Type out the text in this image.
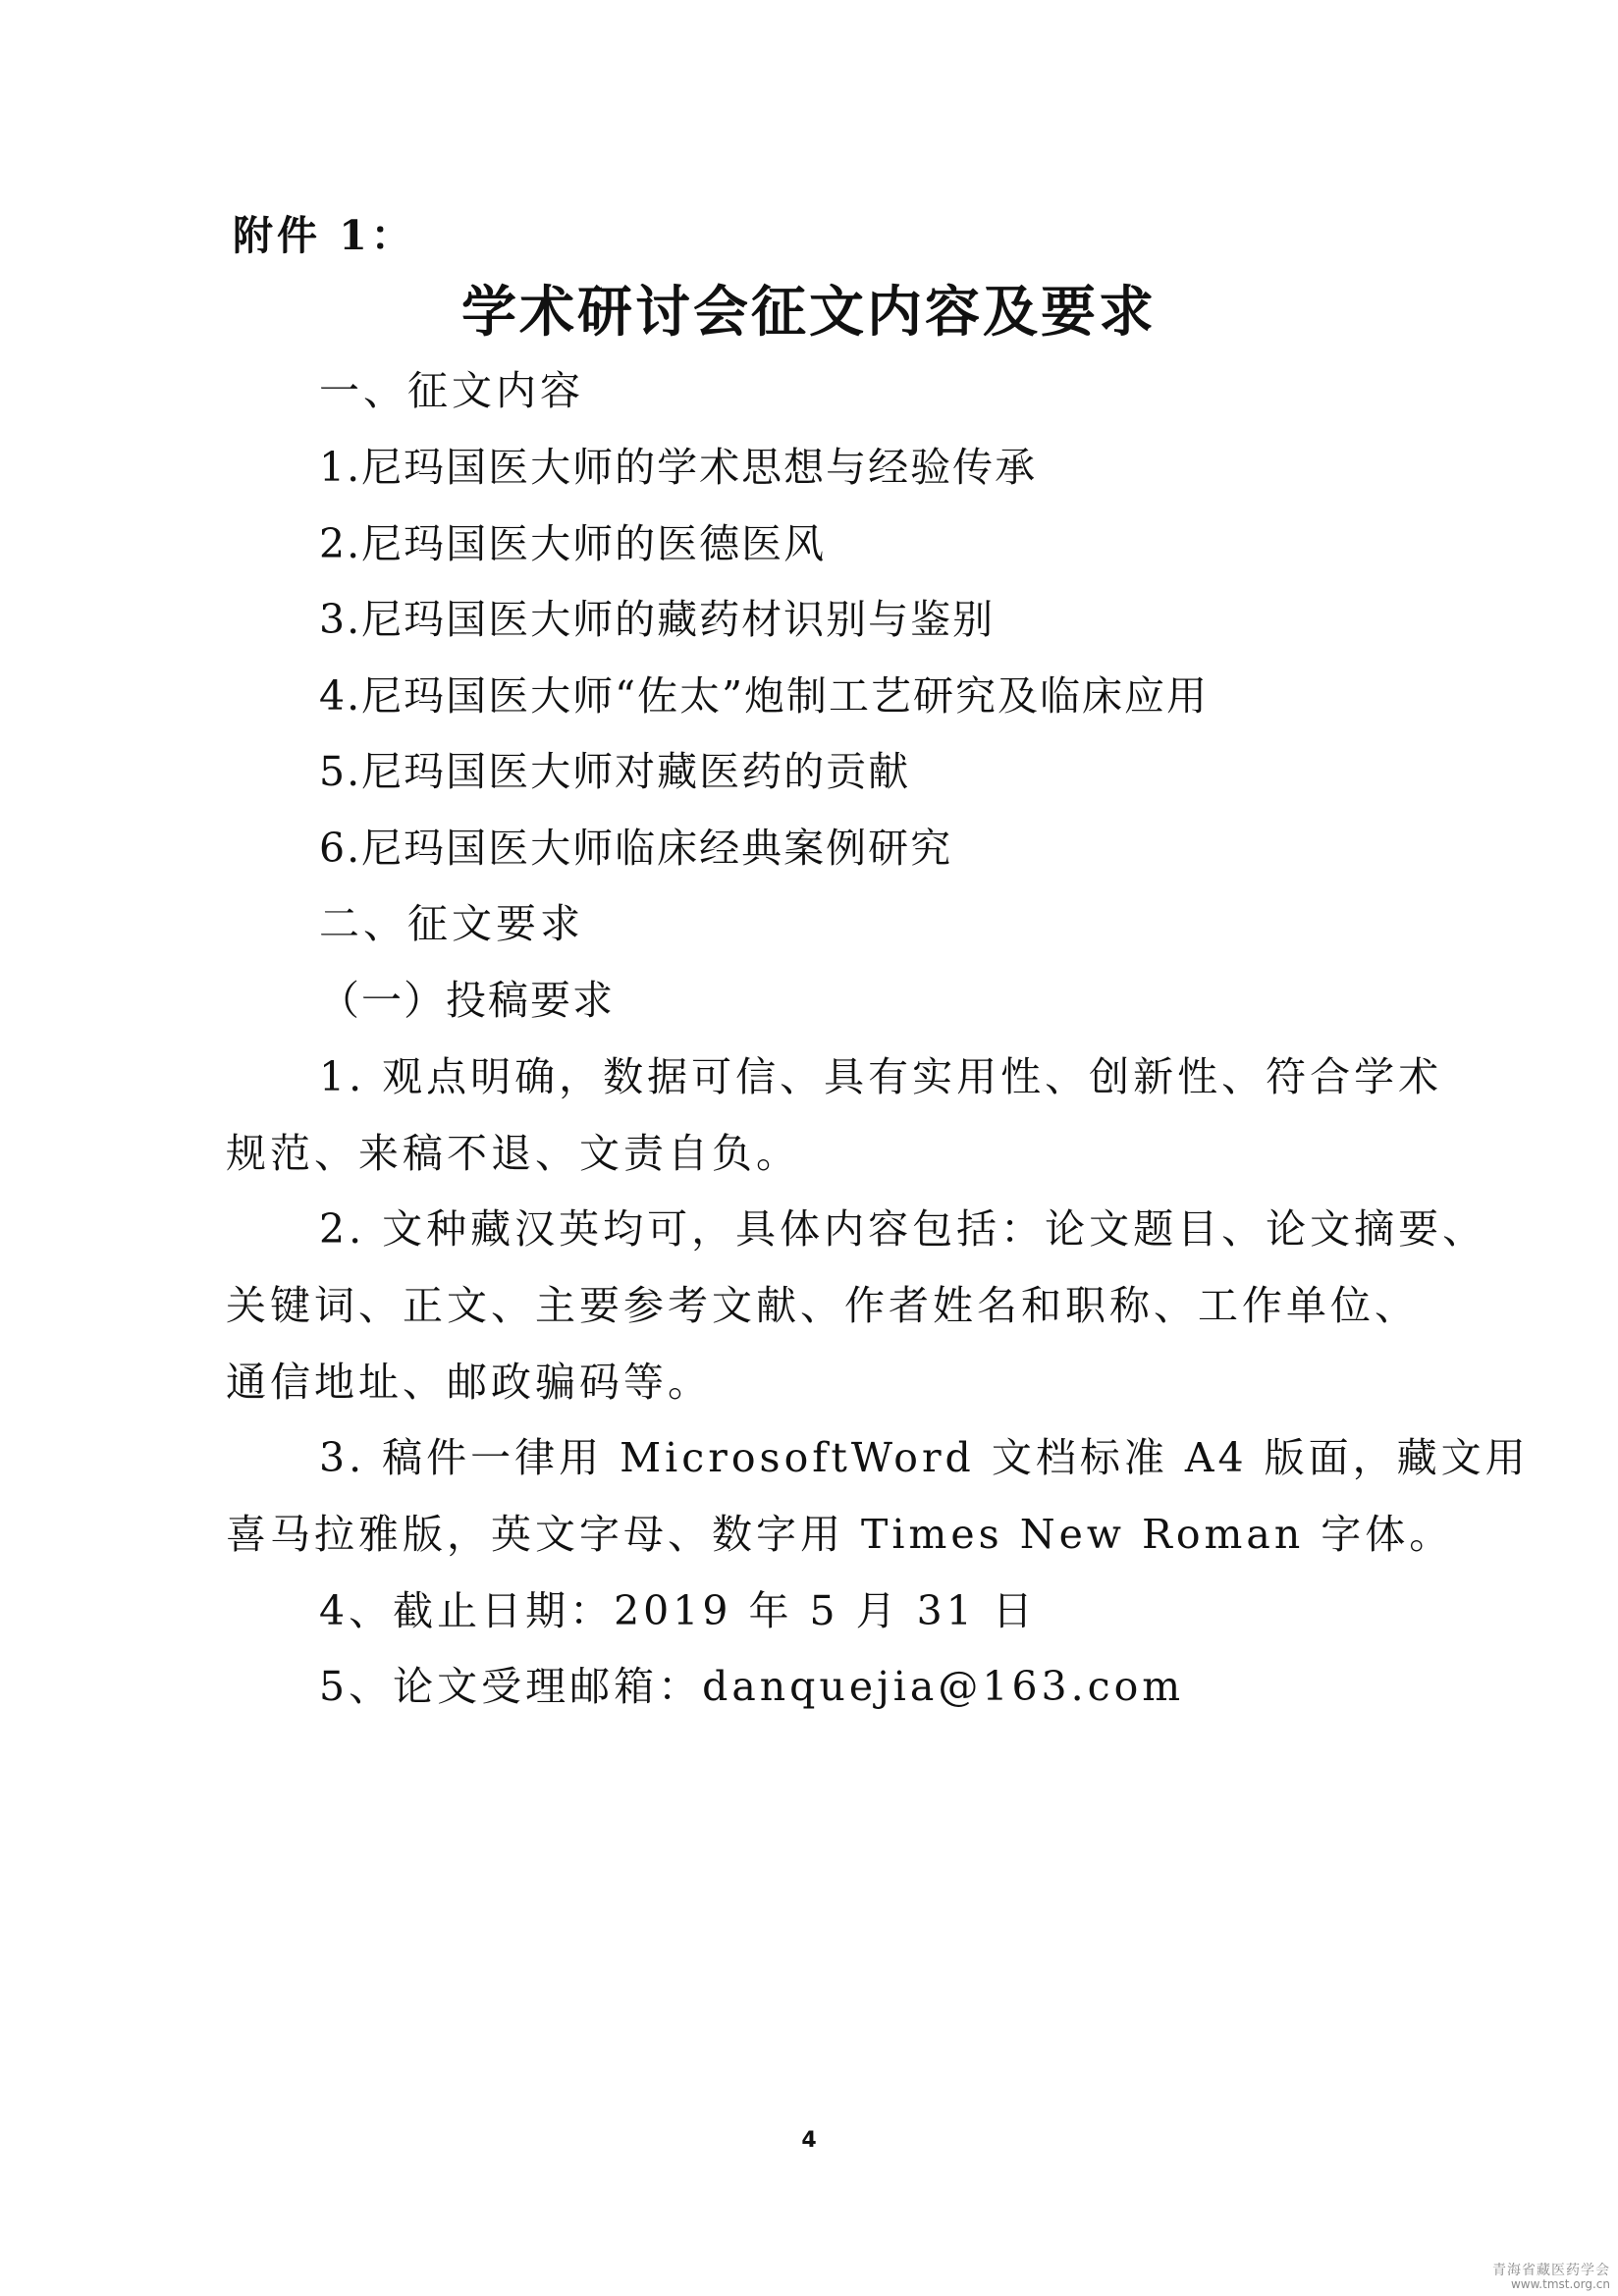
附件 1：
学术研讨会征文内容及要求
一、征文内容
1.尼玛国医大师的学术思想与经验传承
2.尼玛国医大师的医德医风
3.尼玛国医大师的藏药材识别与鉴别
4.尼玛国医大师“佐太”炮制工艺研究及临床应用
5.尼玛国医大师对藏医药的贡献
6.尼玛国医大师临床经典案例研究
二、征文要求
（一）投稿要求
1. 观点明确，数据可信、具有实用性、创新性、符合学术
规范、来稿不退、文责自负。
2. 文种藏汉英均可，具体内容包括：论文题目、论文摘要、
关键词、正文、主要参考文献、作者姓名和职称、工作单位、
通信地址、邮政骗码等。
3. 稿件一律用 MicrosoftWord 文档标准 A4 版面，藏文用
喜马拉雅版，英文字母、数字用 Times New Roman 字体。
4、截止日期：2019 年 5 月 31 日
5、论文受理邮箱：danquejia@163.com
4
青海省藏医药学会
www.tmst.org.cn
